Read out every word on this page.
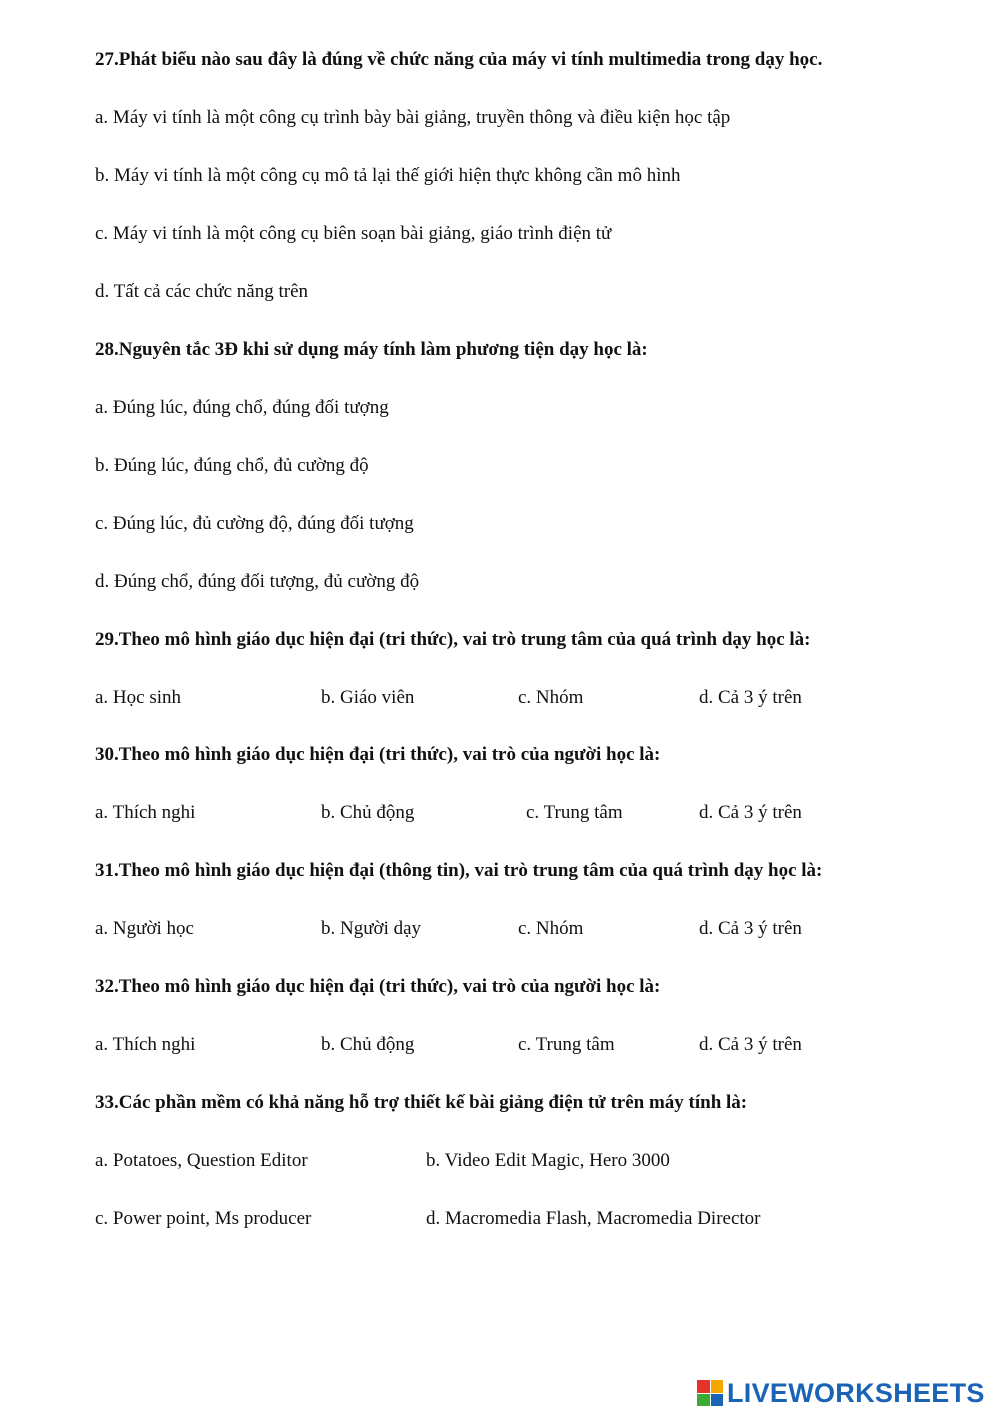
27.Phát biểu nào sau đây là đúng về chức năng của máy vi tính multimedia trong dạy học.
a. Máy vi tính là một công cụ trình bày bài giảng, truyền thông và điều kiện học tập
b. Máy vi tính là một công cụ mô tả lại thế giới hiện thực không cần mô hình
c. Máy vi tính là một công cụ biên soạn bài giảng, giáo trình điện tử
d. Tất cả các chức năng trên
28.Nguyên tắc 3Đ khi sử dụng máy tính làm phương tiện dạy học là:
a. Đúng lúc, đúng chổ, đúng đối tượng
b. Đúng lúc, đúng chổ, đủ cường độ
c. Đúng lúc, đủ cường độ, đúng đối tượng
d. Đúng chổ, đúng đối tượng, đủ cường độ
29.Theo mô hình giáo dục hiện đại (tri thức), vai trò trung tâm của quá trình dạy học là:
a. Học sinh	b. Giáo viên	c. Nhóm	d. Cả 3 ý trên
30.Theo mô hình giáo dục hiện đại (tri thức), vai trò của người học là:
a. Thích nghi	b. Chủ động	c. Trung tâm	d. Cả 3 ý trên
31.Theo mô hình giáo dục hiện đại (thông tin), vai trò trung tâm của quá trình dạy học là:
a. Người học	b. Người dạy	c. Nhóm	d. Cả 3 ý trên
32.Theo mô hình giáo dục hiện đại (tri thức), vai trò của người học là:
a. Thích nghi	b. Chủ động	c. Trung tâm	d. Cả 3 ý trên
33.Các phần mềm có khả năng hỗ trợ thiết kế bài giảng điện tử trên máy tính là:
a. Potatoes, Question Editor	b. Video Edit Magic, Hero 3000
c. Power point, Ms producer	d. Macromedia Flash, Macromedia Director
LIVEWORKSHEETS
